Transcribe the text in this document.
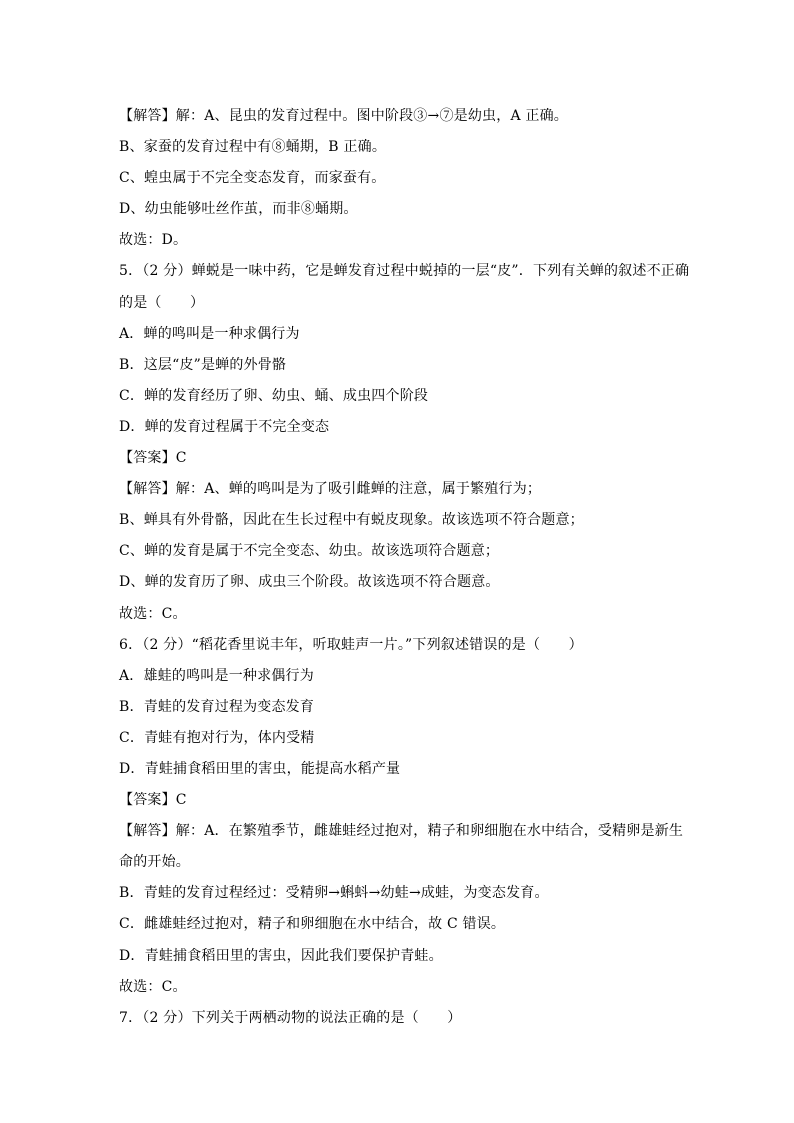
【解答】解：A、昆虫的发育过程中。图中阶段③→⑦是幼虫，A 正确。
B、家蚕的发育过程中有⑧蛹期，B 正确。
C、蝗虫属于不完全变态发育，而家蚕有。
D、幼虫能够吐丝作茧，而非⑧蛹期。
故选：D。
5．（2 分）蝉蜕是一味中药，它是蝉发育过程中蜕掉的一层“皮”．下列有关蝉的叙述不正确
的是（　　）
A．蝉的鸣叫是一种求偶行为
B．这层“皮”是蝉的外骨骼
C．蝉的发育经历了卵、幼虫、蛹、成虫四个阶段
D．蝉的发育过程属于不完全变态
【答案】C
【解答】解：A、蝉的鸣叫是为了吸引雌蝉的注意，属于繁殖行为；
B、蝉具有外骨骼，因此在生长过程中有蜕皮现象。故该选项不符合题意；
C、蝉的发育是属于不完全变态、幼虫。故该选项符合题意；
D、蝉的发育历了卵、成虫三个阶段。故该选项不符合题意。
故选：C。
6．（2 分）“稻花香里说丰年，听取蛙声一片。”下列叙述错误的是（　　）
A．雄蛙的鸣叫是一种求偶行为
B．青蛙的发育过程为变态发育
C．青蛙有抱对行为，体内受精
D．青蛙捕食稻田里的害虫，能提高水稻产量
【答案】C
【解答】解：A．在繁殖季节，雌雄蛙经过抱对，精子和卵细胞在水中结合，受精卵是新生
命的开始。
B．青蛙的发育过程经过：受精卵→蝌蚪→幼蛙→成蛙，为变态发育。
C．雌雄蛙经过抱对，精子和卵细胞在水中结合，故 C 错误。
D．青蛙捕食稻田里的害虫，因此我们要保护青蛙。
故选：C。
7．（2 分）下列关于两栖动物的说法正确的是（　　）
